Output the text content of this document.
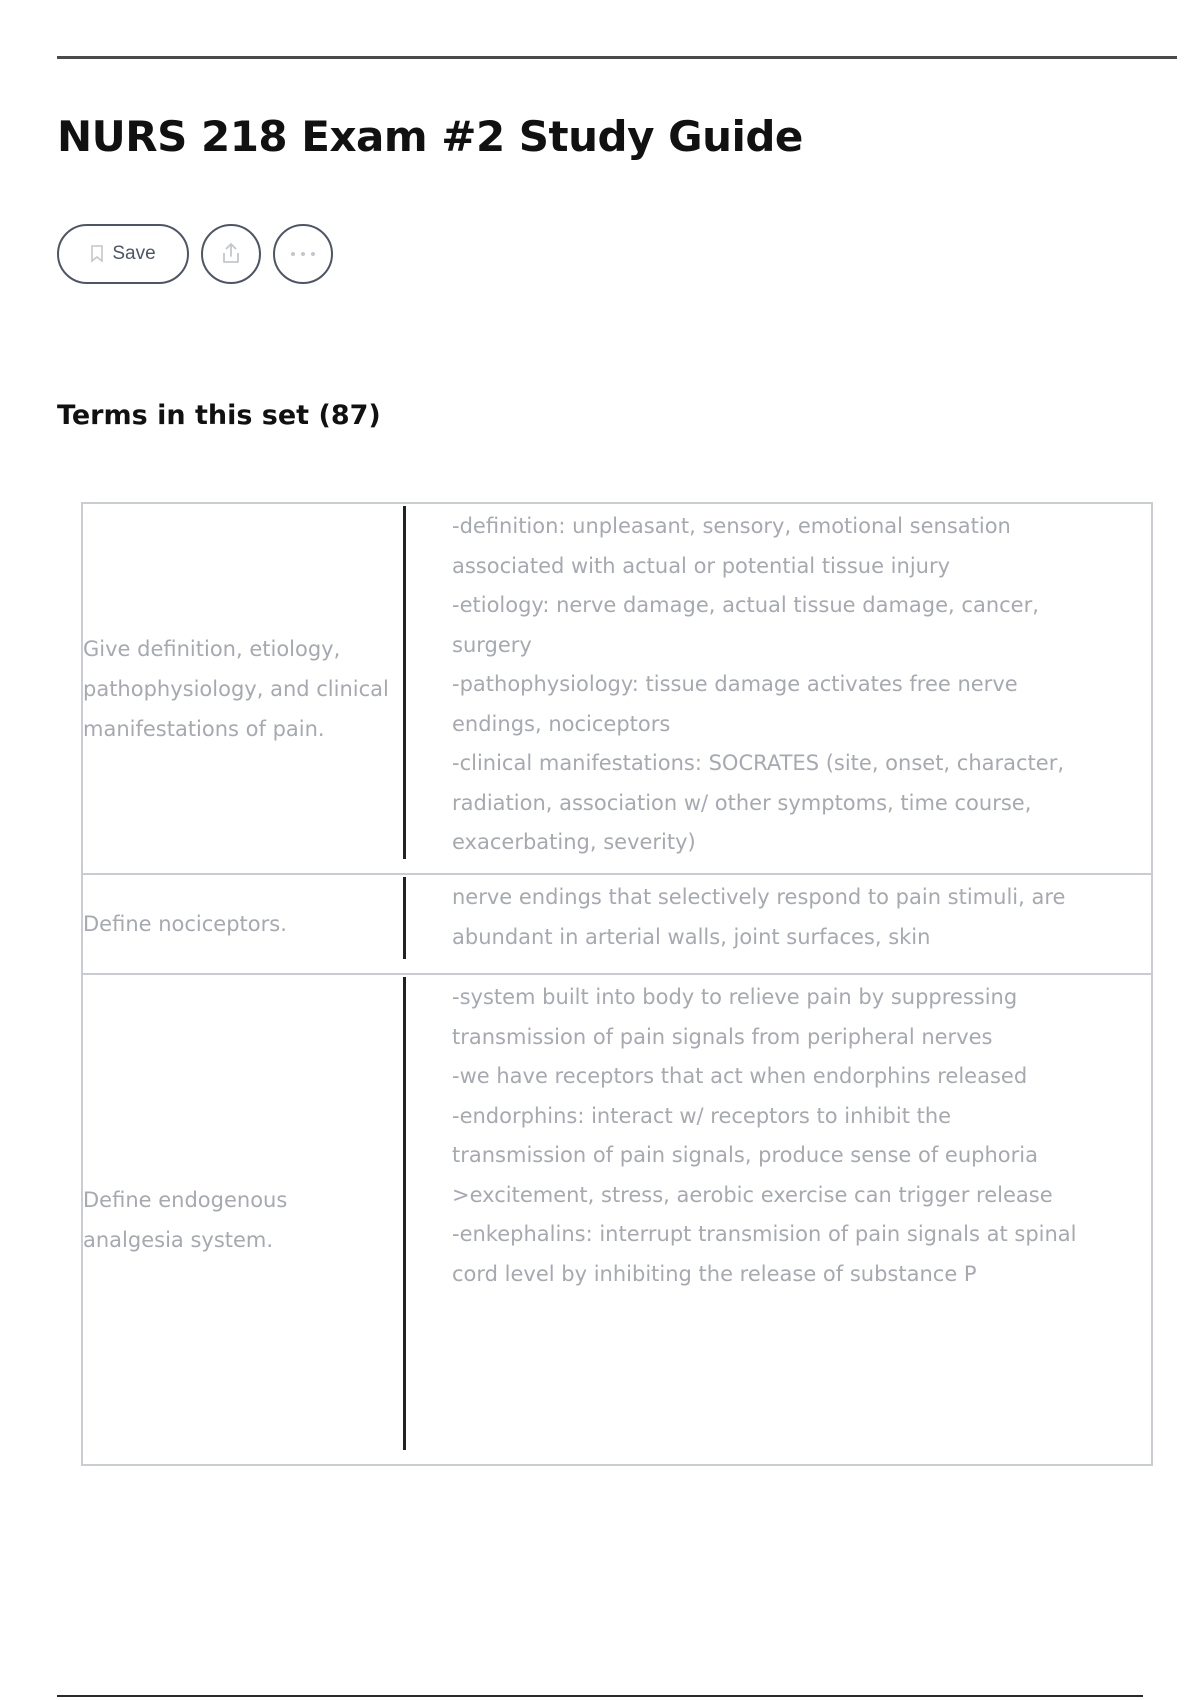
NURS 218 Exam #2 Study Guide
Save
Terms in this set (87)
Give definition, etiology, pathophysiology, and clinical manifestations of pain.
-definition: unpleasant, sensory, emotional sensation associated with actual or potential tissue injury
-etiology: nerve damage, actual tissue damage, cancer, surgery
-pathophysiology: tissue damage activates free nerve endings, nociceptors
-clinical manifestations: SOCRATES (site, onset, character, radiation, association w/ other symptoms, time course, exacerbating, severity)
Define nociceptors.
nerve endings that selectively respond to pain stimuli, are abundant in arterial walls, joint surfaces, skin
Define endogenous analgesia system.
-system built into body to relieve pain by suppressing transmission of pain signals from peripheral nerves
-we have receptors that act when endorphins released
-endorphins: interact w/ receptors to inhibit the transmission of pain signals, produce sense of euphoria
>excitement, stress, aerobic exercise can trigger release
-enkephalins: interrupt transmision of pain signals at spinal cord level by inhibiting the release of substance P
